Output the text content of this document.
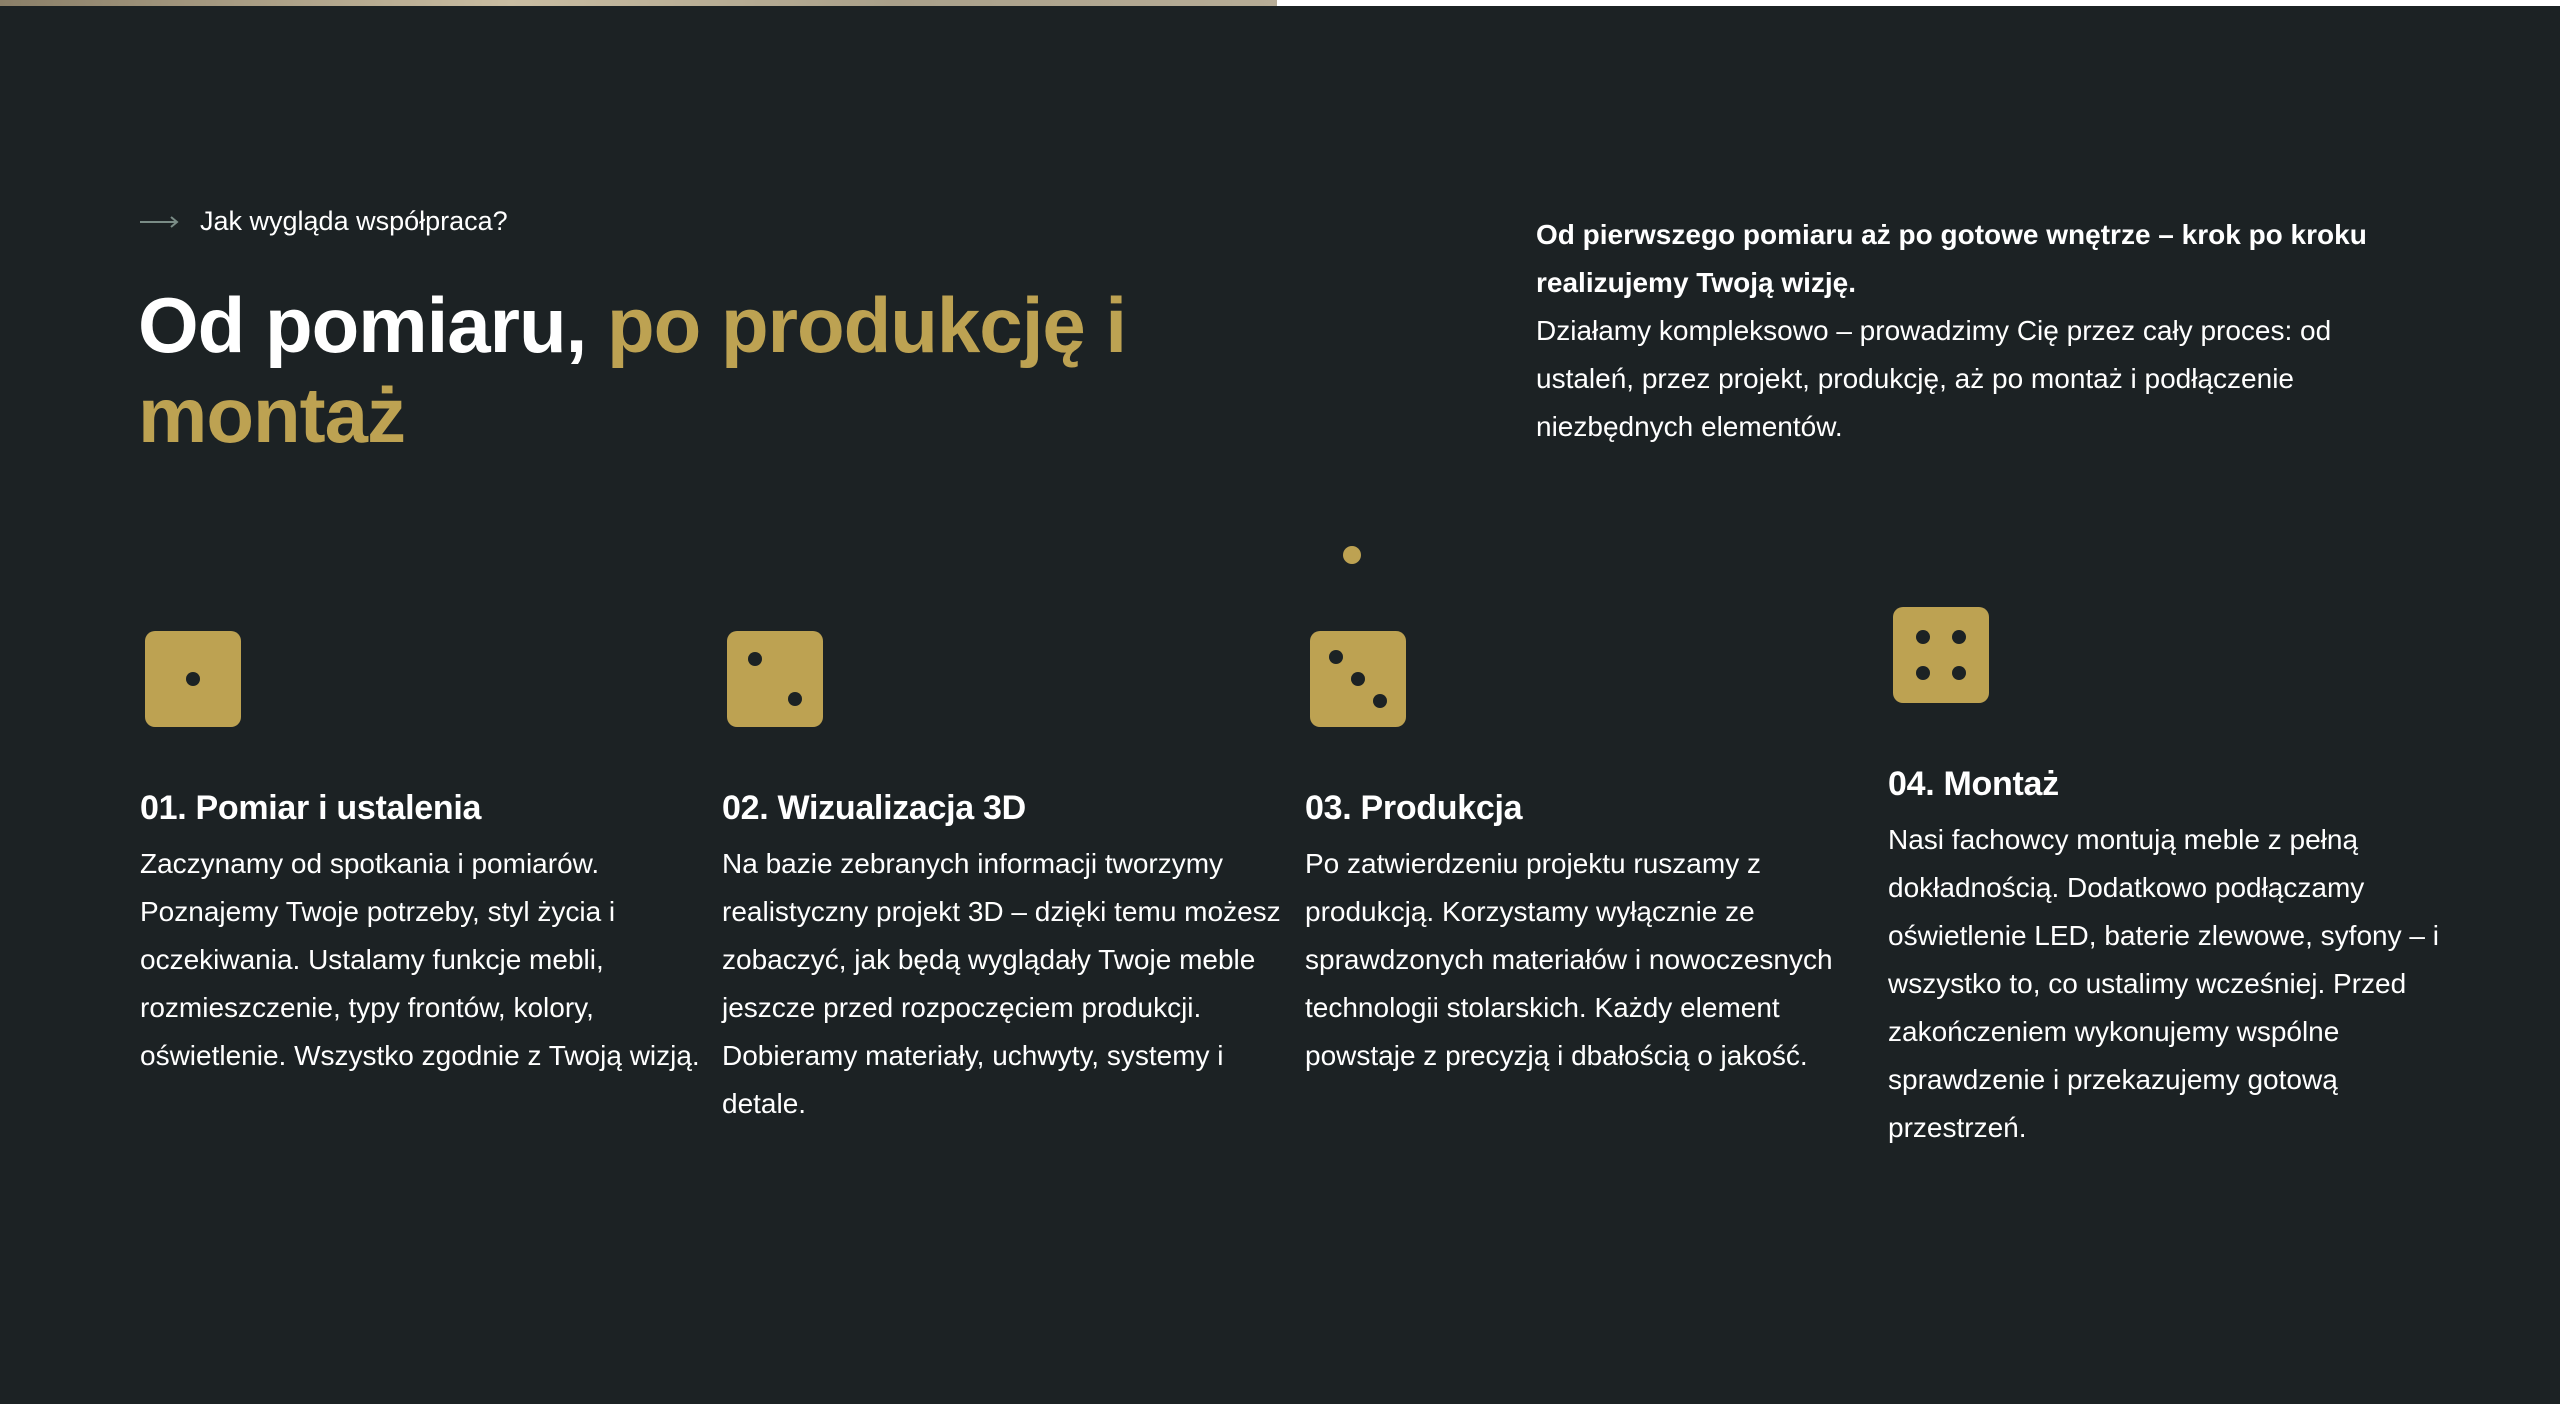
Jak wygląda współpraca?
Od pomiaru, po produkcję i montaż
Od pierwszego pomiaru aż po gotowe wnętrze – krok po kroku realizujemy Twoją wizję.
Działamy kompleksowo – prowadzimy Cię przez cały proces: od ustaleń, przez projekt, produkcję, aż po montaż i podłączenie niezbędnych elementów.
01. Pomiar i ustalenia
Zaczynamy od spotkania i pomiarów. Poznajemy Twoje potrzeby, styl życia i oczekiwania. Ustalamy funkcje mebli, rozmieszczenie, typy frontów, kolory, oświetlenie. Wszystko zgodnie z Twoją wizją.
02. Wizualizacja 3D
Na bazie zebranych informacji tworzymy realistyczny projekt 3D – dzięki temu możesz zobaczyć, jak będą wyglądały Twoje meble jeszcze przed rozpoczęciem produkcji. Dobieramy materiały, uchwyty, systemy i detale.
03. Produkcja
Po zatwierdzeniu projektu ruszamy z produkcją. Korzystamy wyłącznie ze sprawdzonych materiałów i nowoczesnych technologii stolarskich. Każdy element powstaje z precyzją i dbałością o jakość.
04. Montaż
Nasi fachowcy montują meble z pełną dokładnością. Dodatkowo podłączamy oświetlenie LED, baterie zlewowe, syfony – i wszystko to, co ustalimy wcześniej. Przed zakończeniem wykonujemy wspólne sprawdzenie i przekazujemy gotową przestrzeń.
